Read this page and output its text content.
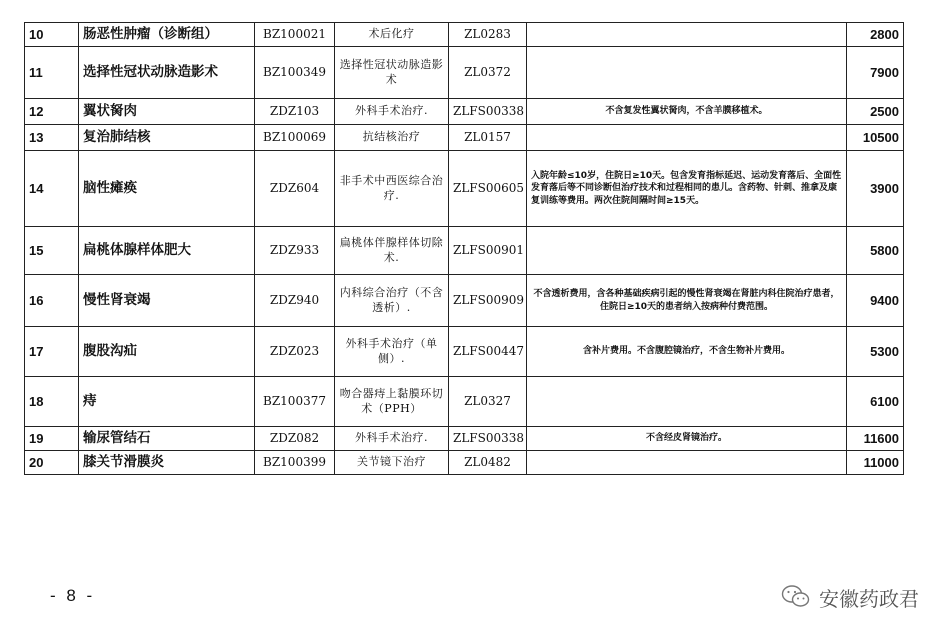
10	肠恶性肿瘤（诊断组）	BZ100021	术后化疗	ZL0283		2800
11	选择性冠状动脉造影术	BZ100349	选择性冠状动脉造影术	ZL0372		7900
12	翼状胬肉	ZDZ103	外科手术治疗.	ZLFS00338	不含复发性翼状胬肉，不含羊膜移植术。	2500
13	复治肺结核	BZ100069	抗结核治疗	ZL0157		10500
14	脑性瘫痪	ZDZ604	非手术中西医综合治疗.	ZLFS00605	入院年龄≤10岁，住院日≥10天。包含发育指标延迟、运动发育落后、全面性发育落后等不同诊断但治疗技术和过程相同的患儿。含药物、针刺、推拿及康复训练等费用。两次住院间隔时间≥15天。	3900
15	扁桃体腺样体肥大	ZDZ933	扁桃体伴腺样体切除术.	ZLFS00901		5800
16	慢性肾衰竭	ZDZ940	内科综合治疗（不含透析）.	ZLFS00909	不含透析费用，含各种基础疾病引起的慢性肾衰竭在肾脏内科住院治疗患者，住院日≥10天的患者纳入按病种付费范围。	9400
17	腹股沟疝	ZDZ023	外科手术治疗（单侧）.	ZLFS00447	含补片费用。不含腹腔镜治疗，不含生物补片费用。	5300
18	痔	BZ100377	吻合器痔上黏膜环切术（PPH）	ZL0327		6100
19	输尿管结石	ZDZ082	外科手术治疗.	ZLFS00338	不含经皮肾镜治疗。	11600
20	膝关节滑膜炎	BZ100399	关节镜下治疗	ZL0482		11000
- 8 -	安徽药政君
